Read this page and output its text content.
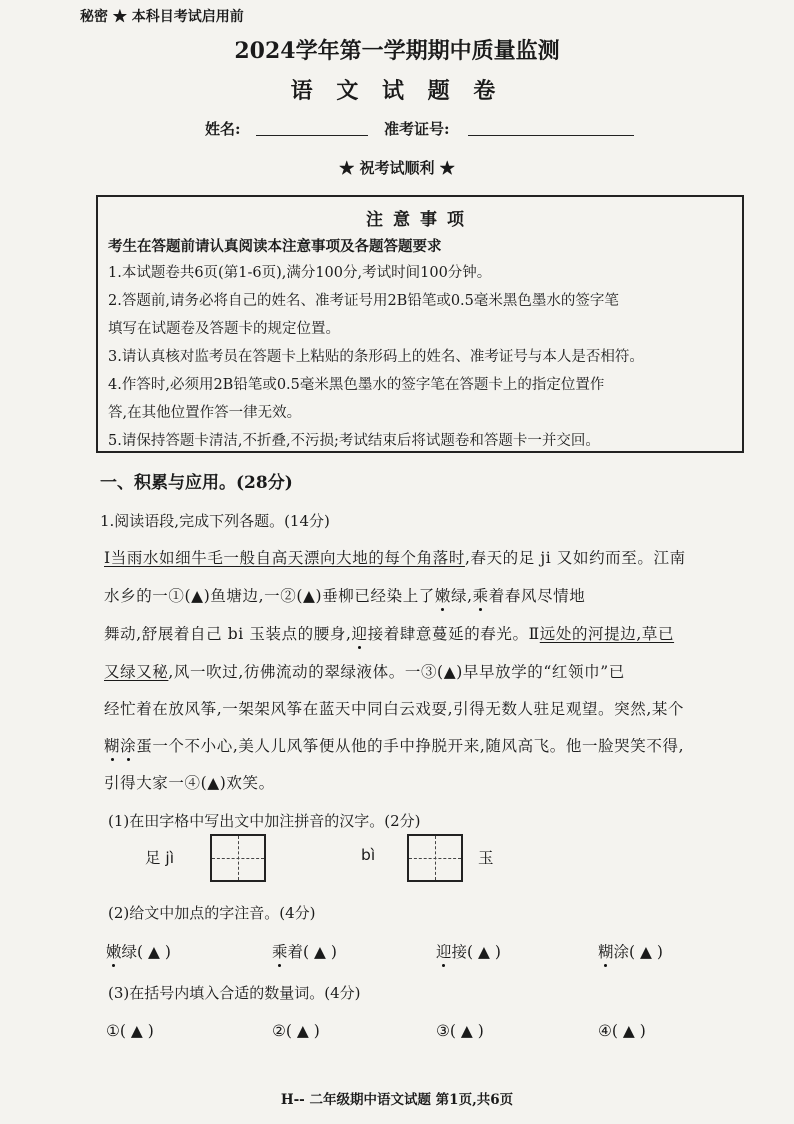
秘密 ★ 本科目考试启用前
2024学年第一学期期中质量监测
语 文 试 题 卷
姓名:	准考证号:
★ 祝考试顺利 ★
注意事项
考生在答题前请认真阅读本注意事项及各题答题要求
1.本试题卷共6页(第1-6页),满分100分,考试时间100分钟。
2.答题前,请务必将自己的姓名、准考证号用2B铅笔或0.5毫米黑色墨水的签字笔
填写在试题卷及答题卡的规定位置。
3.请认真核对监考员在答题卡上粘贴的条形码上的姓名、准考证号与本人是否相符。
4.作答时,必须用2B铅笔或0.5毫米黑色墨水的签字笔在答题卡上的指定位置作
答,在其他位置作答一律无效。
5.请保持答题卡清洁,不折叠,不污损;考试结束后将试题卷和答题卡一并交回。
一、积累与应用。(28分)
1.阅读语段,完成下列各题。(14分)
Ⅰ当雨水如细牛毛一般自高天漂向大地的每个角落时,春天的足 ji 又如约而至。江南
水乡的一①(▲)鱼塘边,一②(▲)垂柳已经染上了嫩绿,乘着春风尽情地
舞动,舒展着自己 bi 玉装点的腰身,迎接着肆意蔓延的春光。Ⅱ远处的河提边,草已
又绿又秘,风一吹过,彷佛流动的翠绿液体。一③(▲)早早放学的“红领巾”已
经忙着在放风筝,一架架风筝在蓝天中同白云戏耍,引得无数人驻足观望。突然,某个
糊涂蛋一个不小心,美人儿风筝便从他的手中挣脱开来,随风高飞。他一脸哭笑不得,
引得大家一④(▲)欢笑。
(1)在田字格中写出文中加注拼音的汉字。(2分)
足 jì	bì	玉
(2)给文中加点的字注音。(4分)
嫩绿( ▲ )	乘着( ▲ )	迎接( ▲ )	糊涂( ▲ )
(3)在括号内填入合适的数量词。(4分)
①( ▲ )	②( ▲ )	③( ▲ )	④( ▲ )
H-- 二年级期中语文试题 第1页,共6页
